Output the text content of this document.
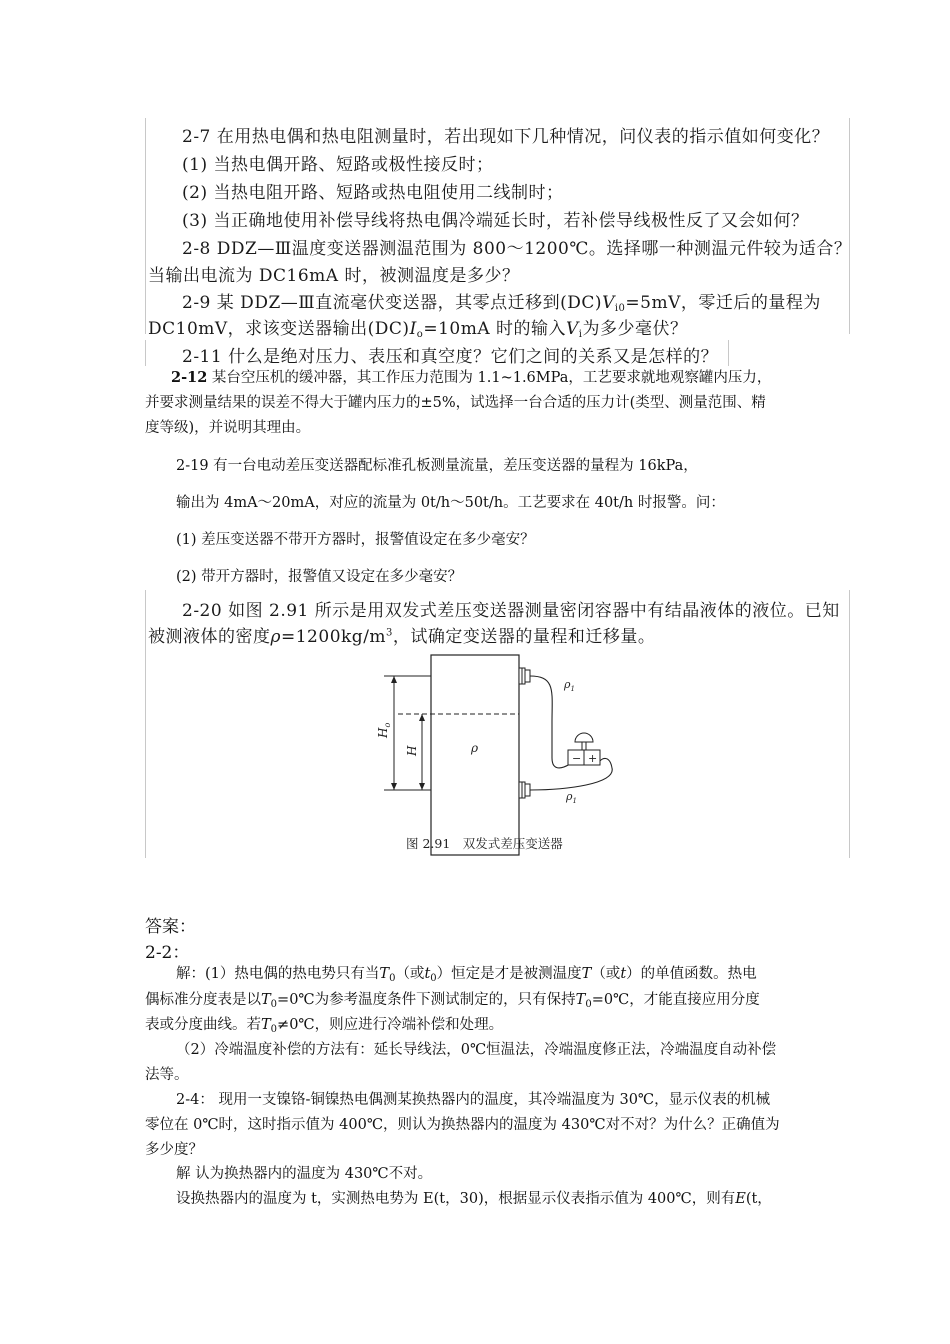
2-7 在用热电偶和热电阻测量时，若出现如下几种情况，问仪表的指示值如何变化？
(1) 当热电偶开路、短路或极性接反时；
(2) 当热电阻开路、短路或热电阻使用二线制时；
(3) 当正确地使用补偿导线将热电偶冷端延长时，若补偿导线极性反了又会如何？
2-8 DDZ—Ⅲ温度变送器测温范围为 800～1200℃。选择哪一种测温元件较为适合？
当输出电流为 DC16mA 时，被测温度是多少？
2-9 某 DDZ—Ⅲ直流毫伏变送器，其零点迁移到$(DC)V_{i0}=5mV$，零迁后的量程为
DC10mV，求该变送器输出$(DC)I_o=10mA$ 时的输入$V_i$为多少毫伏？
2-11 什么是绝对压力、表压和真空度？它们之间的关系又是怎样的？
2-12 某台空压机的缓冲器，其工作压力范围为 1.1~1.6MPa，工艺要求就地观察罐内压力，
并要求测量结果的误差不得大于罐内压力的±5%，试选择一台合适的压力计(类型、测量范围、精
度等级)，并说明其理由。
2-19 有一台电动差压变送器配标准孔板测量流量，差压变送器的量程为 16kPa，
输出为 4mA～20mA，对应的流量为 0t/h～50t/h。工艺要求在 40t/h 时报警。问：
(1) 差压变送器不带开方器时，报警值设定在多少毫安？
(2) 带开方器时，报警值又设定在多少毫安？
2-20 如图 2.91 所示是用双发式差压变送器测量密闭容器中有结晶液体的液位。已知
被测液体的密度$\rho=1200kg/m^3$，试确定变送器的量程和迁移量。
$H_o$
H	ρ
$\rho_1$
$\rho_1$
− +
图 2.91　双发式差压变送器
答案：
2-2：
解：(1）热电偶的热电势只有当$T_0$（或$t_0$）恒定是才是被测温度T（或t）的单值函数。热电
偶标准分度表是以$T_0=0℃$为参考温度条件下测试制定的，只有保持$T_0=0℃$，才能直接应用分度
表或分度曲线。若$T_0\ne 0℃$，则应进行冷端补偿和处理。
（2）冷端温度补偿的方法有：延长导线法，0℃恒温法，冷端温度修正法，冷端温度自动补偿
法等。
2-4： 现用一支镍铬-铜镍热电偶测某换热器内的温度，其冷端温度为 30℃，显示仪表的机械
零位在 0℃时，这时指示值为 400℃，则认为换热器内的温度为 430℃对不对？为什么？正确值为
多少度？
解 认为换热器内的温度为 430℃不对。
设换热器内的温度为 t，实测热电势为 E(t，30)，根据显示仪表指示值为 400℃，则有E(t，
